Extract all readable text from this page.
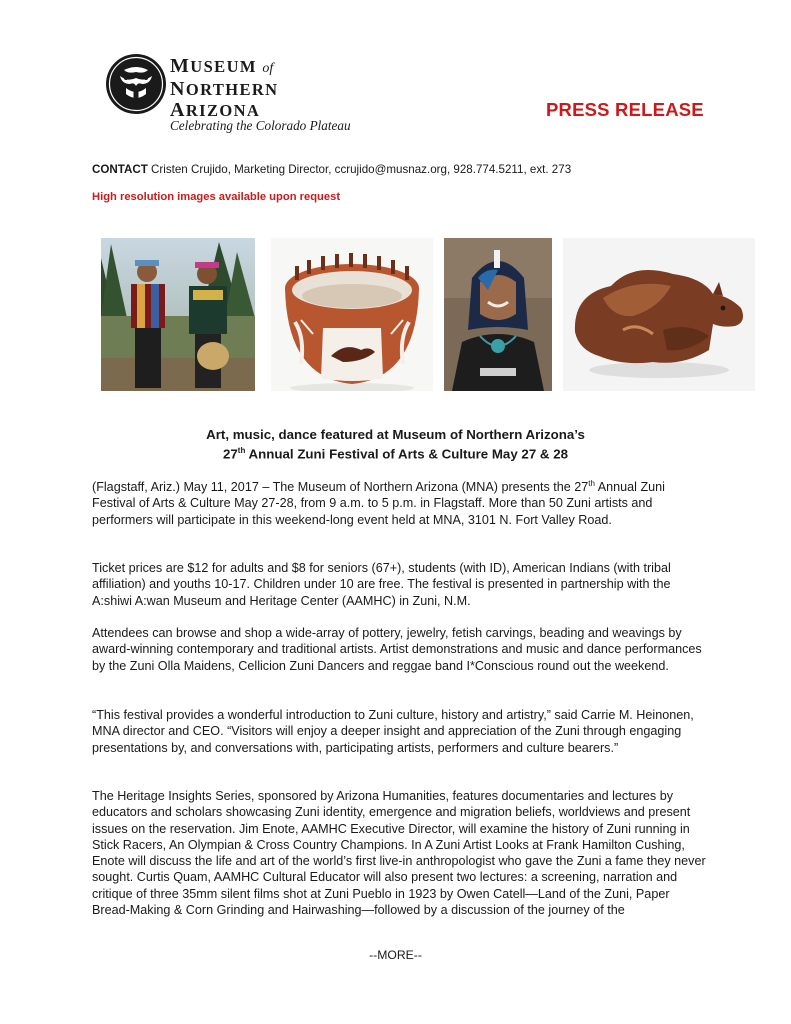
MUSEUM of
NORTHERN
ARIZONA
Celebrating the Colorado Plateau
PRESS RELEASE
CONTACT Cristen Crujido, Marketing Director, ccrujido@musnaz.org, 928.774.5211, ext. 273
High resolution images available upon request
Art, music, dance featured at Museum of Northern Arizona’s
27th Annual Zuni Festival of Arts & Culture May 27 & 28

(Flagstaff, Ariz.) May 11, 2017 – The Museum of Northern Arizona (MNA) presents the 27th Annual Zuni Festival of Arts & Culture May 27-28, from 9 a.m. to 5 p.m. in Flagstaff. More than 50 Zuni artists and performers will participate in this weekend-long event held at MNA, 3101 N. Fort Valley Road.

Ticket prices are $12 for adults and $8 for seniors (67+), students (with ID), American Indians (with tribal affiliation) and youths 10-17. Children under 10 are free. The festival is presented in partnership with the A:shiwi A:wan Museum and Heritage Center (AAMHC) in Zuni, N.M.

Attendees can browse and shop a wide-array of pottery, jewelry, fetish carvings, beading and weavings by award-winning contemporary and traditional artists. Artist demonstrations and music and dance performances by the Zuni Olla Maidens, Cellicion Zuni Dancers and reggae band I*Conscious round out the weekend.

“This festival provides a wonderful introduction to Zuni culture, history and artistry,” said Carrie M. Heinonen, MNA director and CEO. “Visitors will enjoy a deeper insight and appreciation of the Zuni through engaging presentations by, and conversations with, participating artists, performers and culture bearers.”

The Heritage Insights Series, sponsored by Arizona Humanities, features documentaries and lectures by educators and scholars showcasing Zuni identity, emergence and migration beliefs, worldviews and present issues on the reservation. Jim Enote, AAMHC Executive Director, will examine the history of Zuni running in Stick Racers, An Olympian & Cross Country Champions. In A Zuni Artist Looks at Frank Hamilton Cushing, Enote will discuss the life and art of the world’s first live-in anthropologist who gave the Zuni a fame they never sought. Curtis Quam, AAMHC Cultural Educator will also present two lectures: a screening, narration and critique of three 35mm silent films shot at Zuni Pueblo in 1923 by Owen Catell—Land of the Zuni, Paper Bread-Making & Corn Grinding and Hairwashing—followed by a discussion of the journey of the

--MORE--
